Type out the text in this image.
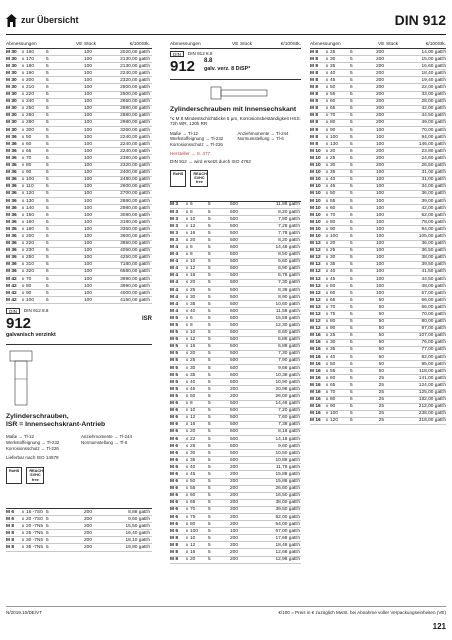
zur Übersicht	DIN 912
Abmessungen	VE Stück	€/100Stk.
M 30	x 160	5	100	2020,00 gaEh
M 30	x 170	5	100	2130,00 gaEh
M 30	x 180	5	100	2130,00 gaEh
M 30	x 190	5	100	2240,00 gaEh
M 30	x 200	5	100	2320,00 gaEh
M 30	x 210	5	100	2500,00 gaEh
M 30	x 220	5	100	2500,00 gaEh
M 30	x 240	5	100	2650,00 gaEh
M 30	x 250	5	100	2880,00 gaEh
M 30	x 260	5	100	2880,00 gaEh
M 30	x 280	5	100	2980,00 gaEh
M 30	x 300	5	100	3260,00 gaEh
M 36	x 50	5	100	2240,00 gaEh
M 36	x 60	5	100	2240,00 gaEh
M 36	x 65	5	100	2240,00 gaEh
M 36	x 70	5	100	2380,00 gaEh
M 36	x 80	5	100	2320,00 gaEh
M 36	x 90	5	100	2400,00 gaEh
M 36	x 100	5	100	2480,00 gaEh
M 36	x 110	5	100	2600,00 gaEh
M 36	x 120	5	100	2700,00 gaEh
M 36	x 130	5	100	2880,00 gaEh
M 36	x 140	5	100	2980,00 gaEh
M 36	x 150	5	100	3080,00 gaEh
M 36	x 160	5	100	3180,00 gaEh
M 36	x 180	5	100	3350,00 gaEh
M 36	x 200	5	100	3600,00 gaEh
M 36	x 220	5	100	3850,00 gaEh
M 36	x 230	5	100	4050,00 gaEh
M 36	x 250	5	100	4250,00 gaEh
M 36	x 310	5	100	7180,00 gaEh
M 36	x 320	5	100	6580,00 gaEh
M 42	x 70	5	100	3990,00 gaEh
M 42	x 80	5	100	3990,00 gaEh
M 42	x 90	5	100	4000,00 gaEh
M 42	x 100	5	100	4150,00 gaEh
DIN	DIN 912 8.8
912	ISR
galvanisch verzinkt
Zylinderschrauben,
ISR = Innensechskrant-Antrieb
Maße → Tl-12	Anziehmomente → Tl-244
Werkstoffeignung → Tl-232	Normumstellung → Tl-6
Korrosionsschutz → Tl-226
Lieferbar nach ISO 14579
RoHS	REACH SVHC free
M 6	x 16 -7S0 5	200	8,88 gaEh
M 6	x 20 -7S0 5	200	9,60 gaEh
M 8	x 20 -7N5 5	200	15,50 gaEh
M 8	x 25 -7N5 5	200	16,40 gaEh
M 8	x 30 -7N5 5	200	18,10 gaEh
M 8	x 35 -7N5 5	200	19,80 gaEh
Abmessungen	VE Stück	€/100Stk.
DIN	DIN 912 8.8
912 8.8
galv. verz. 8 DiSP*
Zylinderschrauben mit Innensechskant
*≤ M 8 Mindestschichtdicke 5 µm, Korrosionsbeständigkeit HSS: 72h WR, 120h RR
Maße → Tl-12	Anziehmomente → Tl-244
Werkstoffeignung → Tl-232	Normumstellung → Tl-6
Korrosionsschutz → Tl-226
Hersteller → S. 477
DIN 912 → wird ersetzt durch ISO 4762
RoHS	REACH SVHC free
M 3	x 6	5	500	11,88 gaEh
M 3	x 8	5	500	8,20 gaEh
M 3	x 10	5	500	7,90 gaEh
M 3	x 12	5	500	7,28 gaEh
M 3	x 16	5	500	7,78 gaEh
M 3	x 20	5	500	8,20 gaEh
M 4	x 6	5	500	14,48 gaEh
M 4	x 8	5	500	8,50 gaEh
M 4	x 10	5	500	6,60 gaEh
M 4	x 12	5	500	6,90 gaEh
M 4	x 16	5	500	6,78 gaEh
M 4	x 20	5	500	7,30 gaEh
M 4	x 25	5	500	8,38 gaEh
M 4	x 30	5	500	8,90 gaEh
M 4	x 35	5	500	10,60 gaEh
M 4	x 40	5	500	11,58 gaEh
M 5	x 6	5	500	15,58 gaEh
M 5	x 8	5	500	12,30 gaEh
M 5	x 10	5	500	6,60 gaEh
M 5	x 12	5	500	6,88 gaEh
M 5	x 16	5	500	6,88 gaEh
M 5	x 20	5	500	7,30 gaEh
M 5	x 25	5	500	7,90 gaEh
M 5	x 30	5	500	9,68 gaEh
M 5	x 35	5	500	10,38 gaEh
M 5	x 40	5	500	10,90 gaEh
M 5	x 45	5	200	20,98 gaEh
M 5	x 50	5	200	26,00 gaEh
M 6	x 8	5	500	14,48 gaEh
M 6	x 10	5	500	7,20 gaEh
M 6	x 12	5	500	7,60 gaEh
M 6	x 16	5	500	7,38 gaEh
M 6	x 20	5	500	8,18 gaEh
M 6	x 22	5	500	14,18 gaEh
M 6	x 25	5	500	9,60 gaEh
M 6	x 30	5	500	10,50 gaEh
M 6	x 35	5	500	10,88 gaEh
M 6	x 40	5	200	11,78 gaEh
M 6	x 45	5	200	15,88 gaEh
M 6	x 50	5	200	15,88 gaEh
M 6	x 55	5	200	26,60 gaEh
M 6	x 60	5	200	16,50 gaEh
M 6	x 65	5	200	38,00 gaEh
M 6	x 70	5	200	39,50 gaEh
M 6	x 75	5	200	52,00 gaEh
M 6	x 80	5	200	54,00 gaEh
M 6	x 100	5	100	67,00 gaEh
M 8	x 10	5	200	17,68 gaEh
M 8	x 12	5	200	18,48 gaEh
M 8	x 16	5	200	12,68 gaEh
M 8	x 20	5	200	12,98 gaEh
Abmessungen	VE Stück	€/100Stk.
M 8	x 25	5	200	14,00 gaEh
M 8	x 30	5	200	15,00 gaEh
M 8	x 35	5	200	16,60 gaEh
M 8	x 40	5	200	18,40 gaEh
M 8	x 45	5	200	19,40 gaEh
M 8	x 50	5	200	22,00 gaEh
M 8	x 55	5	200	33,00 gaEh
M 8	x 60	5	200	28,00 gaEh
M 8	x 65	5	200	42,00 gaEh
M 8	x 70	5	200	44,50 gaEh
M 8	x 80	5	200	49,00 gaEh
M 8	x 90	5	100	70,00 gaEh
M 8	x 100	5	100	94,00 gaEh
M 8	x 130	5	100	146,00 gaEh
M 10	x 20	5	200	23,80 gaEh
M 10	x 25	5	200	24,60 gaEh
M 10	x 30	5	200	26,50 gaEh
M 10	x 35	5	100	31,00 gaEh
M 10	x 40	5	100	31,00 gaEh
M 10	x 45	5	100	34,00 gaEh
M 10	x 50	5	100	36,00 gaEh
M 10	x 55	5	100	39,00 gaEh
M 10	x 60	5	100	42,00 gaEh
M 10	x 70	5	100	62,00 gaEh
M 10	x 80	5	100	78,00 gaEh
M 10	x 90	5	100	94,00 gaEh
M 10	x 100	5	100	105,00 gaEh
M 12	x 20	5	100	36,00 gaEh
M 12	x 25	5	100	36,50 gaEh
M 12	x 30	5	100	38,00 gaEh
M 12	x 35	5	100	39,50 gaEh
M 12	x 40	5	100	41,50 gaEh
M 12	x 45	5	100	44,50 gaEh
M 12	x 50	5	100	48,00 gaEh
M 12	x 60	5	100	57,00 gaEh
M 12	x 65	5	50	66,00 gaEh
M 12	x 70	5	50	66,00 gaEh
M 12	x 75	5	50	70,00 gaEh
M 12	x 80	5	50	80,00 gaEh
M 12	x 90	5	50	87,00 gaEh
M 16	x 25	5	50	107,00 gaEh
M 16	x 30	5	50	76,00 gaEh
M 16	x 35	5	50	77,00 gaEh
M 16	x 40	5	50	82,00 gaEh
M 16	x 50	5	50	95,00 gaEh
M 16	x 55	5	50	118,00 gaEh
M 16	x 60	5	25	141,00 gaEh
M 16	x 65	5	25	124,00 gaEh
M 16	x 70	5	25	125,00 gaEh
M 16	x 80	5	25	182,00 gaEh
M 16	x 90	5	25	212,00 gaEh
M 16	x 100	5	25	238,00 gaEh
M 16	x 120	5	25	318,00 gaEh
N/2019.10/DE/VT	€/100 = Preis in € zuzüglich MwSt. bei Abnahme voller Verpackungseinheiten (VE)
121
